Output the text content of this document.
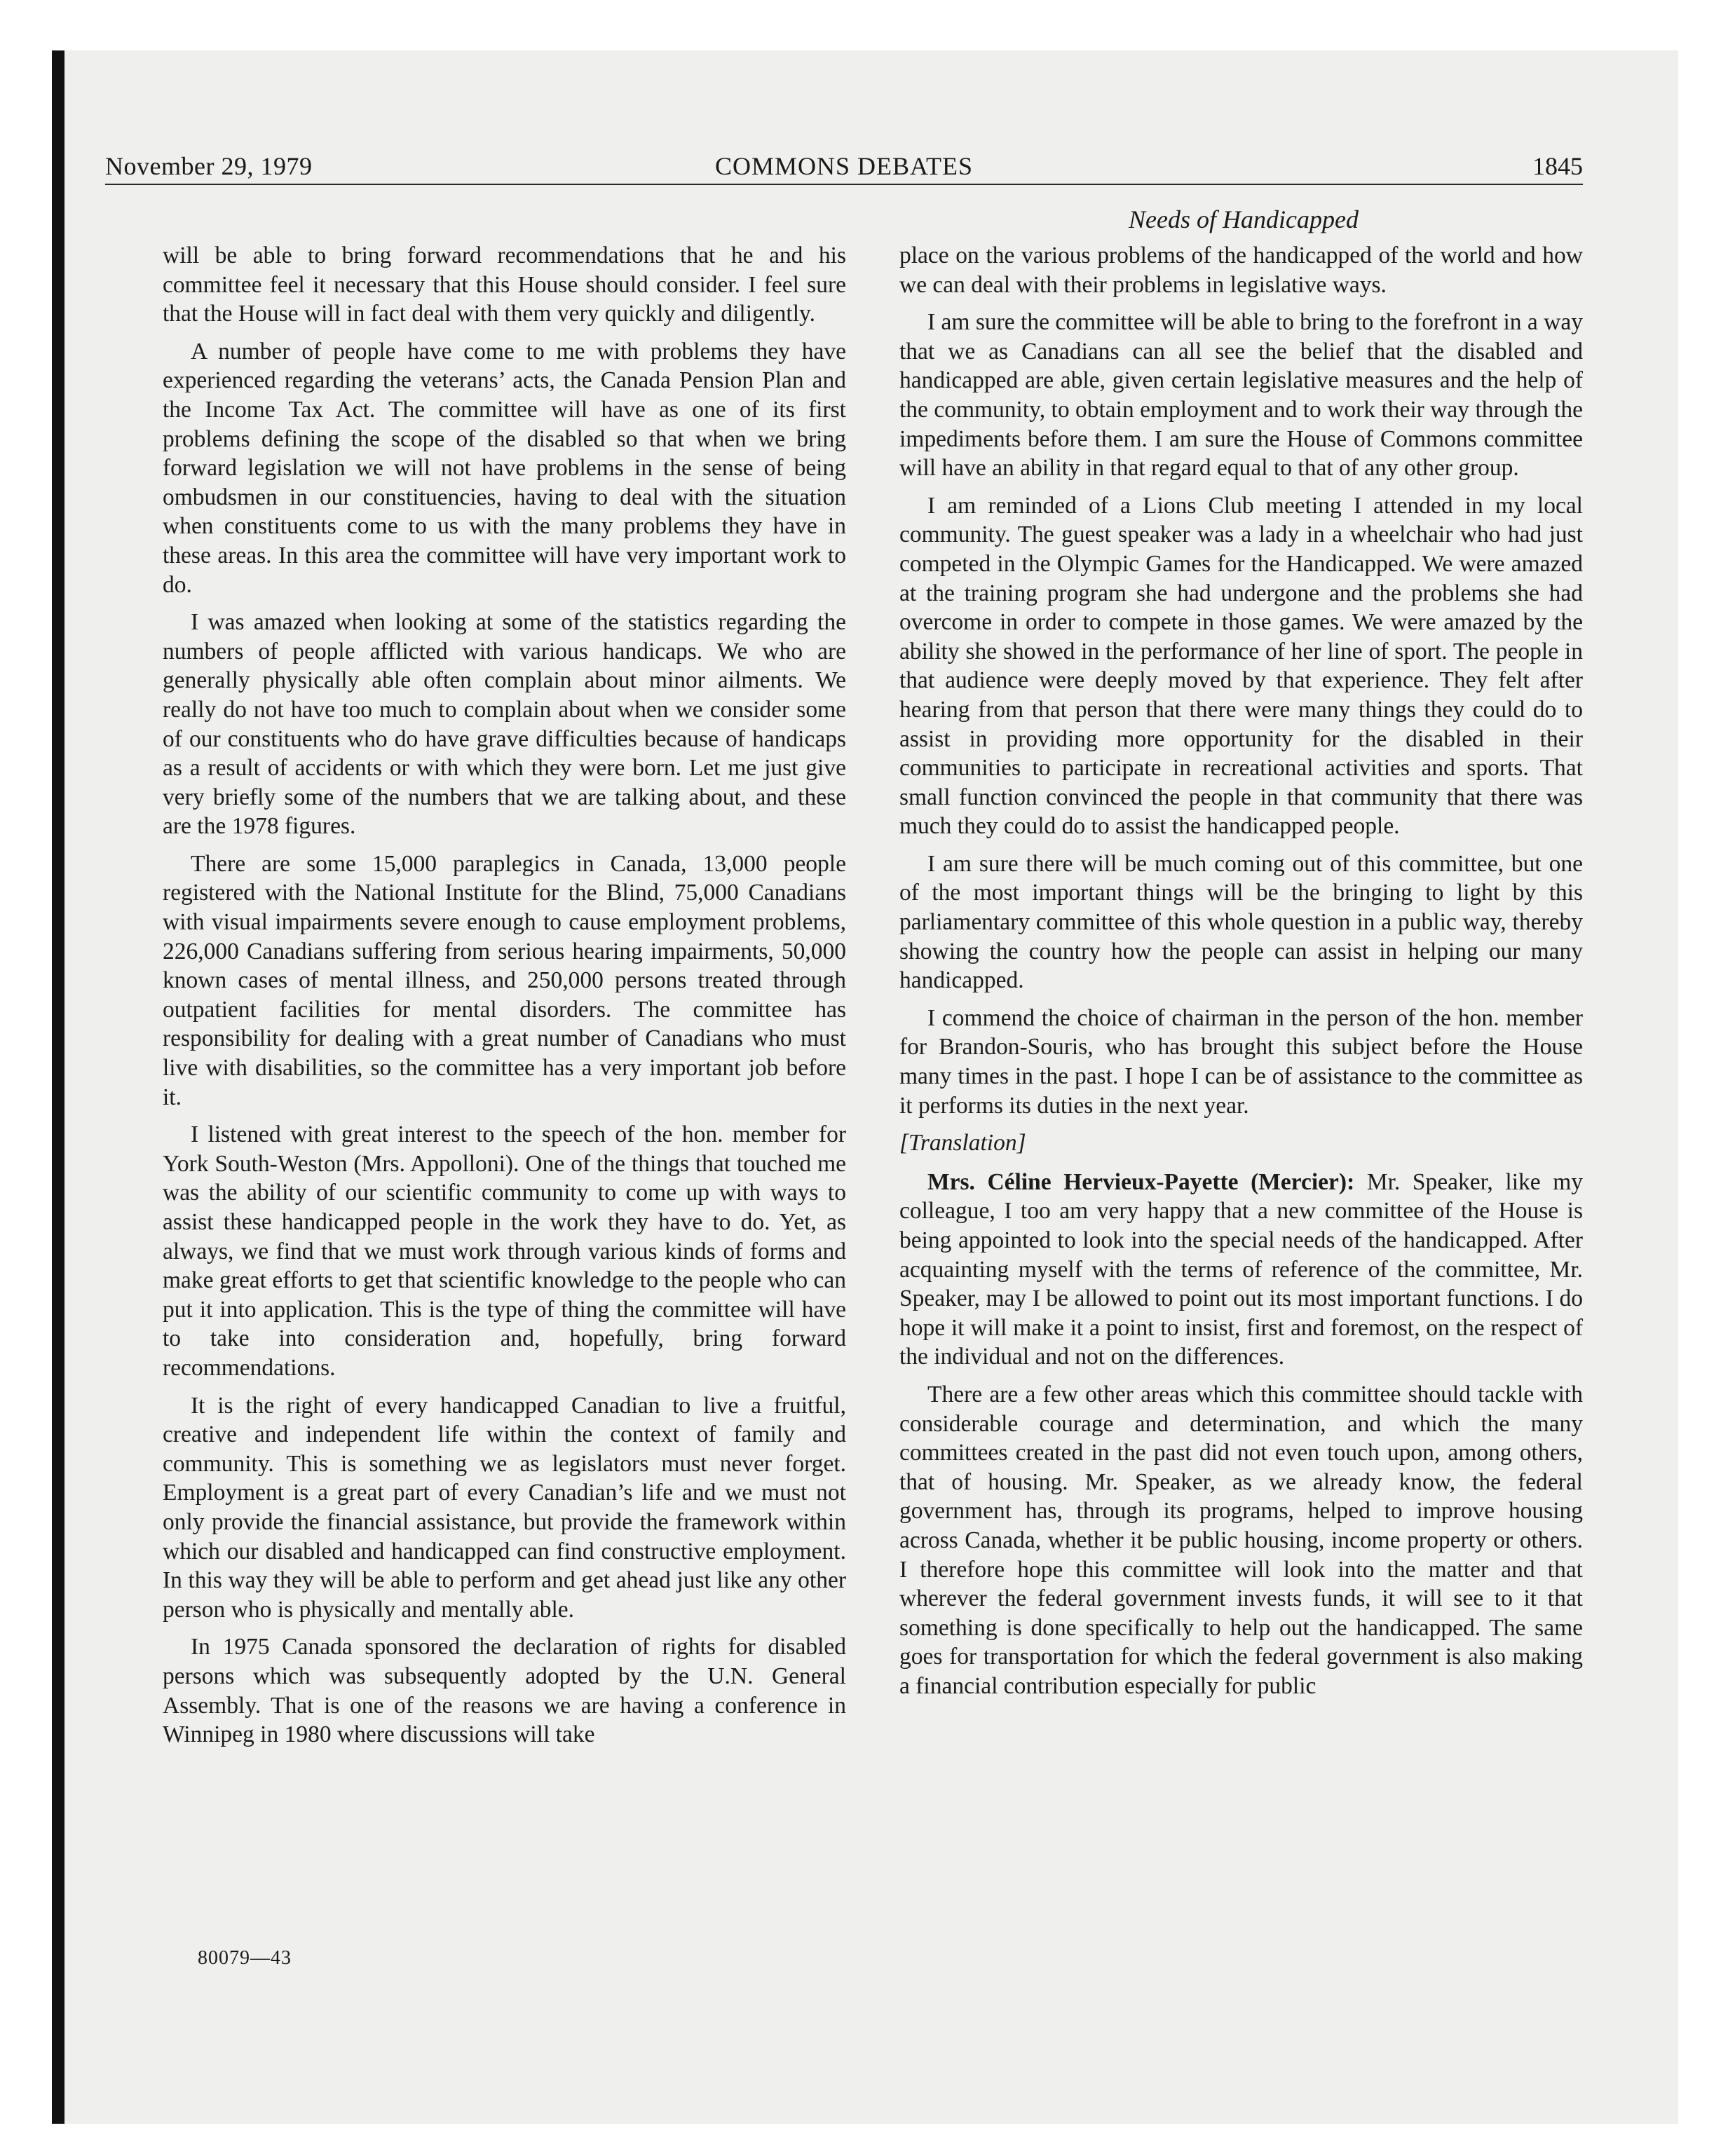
November 29, 1979	COMMONS DEBATES	1845
Needs of Handicapped

will be able to bring forward recommendations that he and his committee feel it necessary that this House should consider. I feel sure that the House will in fact deal with them very quickly and diligently.

A number of people have come to me with problems they have experienced regarding the veterans’ acts, the Canada Pension Plan and the Income Tax Act. The committee will have as one of its first problems defining the scope of the disabled so that when we bring forward legislation we will not have problems in the sense of being ombudsmen in our constituencies, having to deal with the situation when constituents come to us with the many problems they have in these areas. In this area the committee will have very important work to do.

I was amazed when looking at some of the statistics regarding the numbers of people afflicted with various handicaps. We who are generally physically able often complain about minor ailments. We really do not have too much to complain about when we consider some of our constituents who do have grave difficulties because of handicaps as a result of accidents or with which they were born. Let me just give very briefly some of the numbers that we are talking about, and these are the 1978 figures.

There are some 15,000 paraplegics in Canada, 13,000 people registered with the National Institute for the Blind, 75,000 Canadians with visual impairments severe enough to cause employment problems, 226,000 Canadians suffering from serious hearing impairments, 50,000 known cases of mental illness, and 250,000 persons treated through outpatient facilities for mental disorders. The committee has responsibility for dealing with a great number of Canadians who must live with disabilities, so the committee has a very important job before it.

I listened with great interest to the speech of the hon. member for York South-Weston (Mrs. Appolloni). One of the things that touched me was the ability of our scientific community to come up with ways to assist these handicapped people in the work they have to do. Yet, as always, we find that we must work through various kinds of forms and make great efforts to get that scientific knowledge to the people who can put it into application. This is the type of thing the committee will have to take into consideration and, hopefully, bring forward recommendations.

It is the right of every handicapped Canadian to live a fruitful, creative and independent life within the context of family and community. This is something we as legislators must never forget. Employment is a great part of every Canadian’s life and we must not only provide the financial assistance, but provide the framework within which our disabled and handicapped can find constructive employment. In this way they will be able to perform and get ahead just like any other person who is physically and mentally able.

In 1975 Canada sponsored the declaration of rights for disabled persons which was subsequently adopted by the U.N. General Assembly. That is one of the reasons we are having a conference in Winnipeg in 1980 where discussions will take

place on the various problems of the handicapped of the world and how we can deal with their problems in legislative ways.

I am sure the committee will be able to bring to the forefront in a way that we as Canadians can all see the belief that the disabled and handicapped are able, given certain legislative measures and the help of the community, to obtain employment and to work their way through the impediments before them. I am sure the House of Commons committee will have an ability in that regard equal to that of any other group.

I am reminded of a Lions Club meeting I attended in my local community. The guest speaker was a lady in a wheelchair who had just competed in the Olympic Games for the Handicapped. We were amazed at the training program she had undergone and the problems she had overcome in order to compete in those games. We were amazed by the ability she showed in the performance of her line of sport. The people in that audience were deeply moved by that experience. They felt after hearing from that person that there were many things they could do to assist in providing more opportunity for the disabled in their communities to participate in recreational activities and sports. That small function convinced the people in that community that there was much they could do to assist the handicapped people.

I am sure there will be much coming out of this committee, but one of the most important things will be the bringing to light by this parliamentary committee of this whole question in a public way, thereby showing the country how the people can assist in helping our many handicapped.

I commend the choice of chairman in the person of the hon. member for Brandon-Souris, who has brought this subject before the House many times in the past. I hope I can be of assistance to the committee as it performs its duties in the next year.

[Translation]

Mrs. Céline Hervieux-Payette (Mercier): Mr. Speaker, like my colleague, I too am very happy that a new committee of the House is being appointed to look into the special needs of the handicapped. After acquainting myself with the terms of reference of the committee, Mr. Speaker, may I be allowed to point out its most important functions. I do hope it will make it a point to insist, first and foremost, on the respect of the individual and not on the differences.

There are a few other areas which this committee should tackle with considerable courage and determination, and which the many committees created in the past did not even touch upon, among others, that of housing. Mr. Speaker, as we already know, the federal government has, through its programs, helped to improve housing across Canada, whether it be public housing, income property or others. I therefore hope this committee will look into the matter and that wherever the federal government invests funds, it will see to it that something is done specifically to help out the handicapped. The same goes for transportation for which the federal government is also making a financial contribution especially for public

80079—43
